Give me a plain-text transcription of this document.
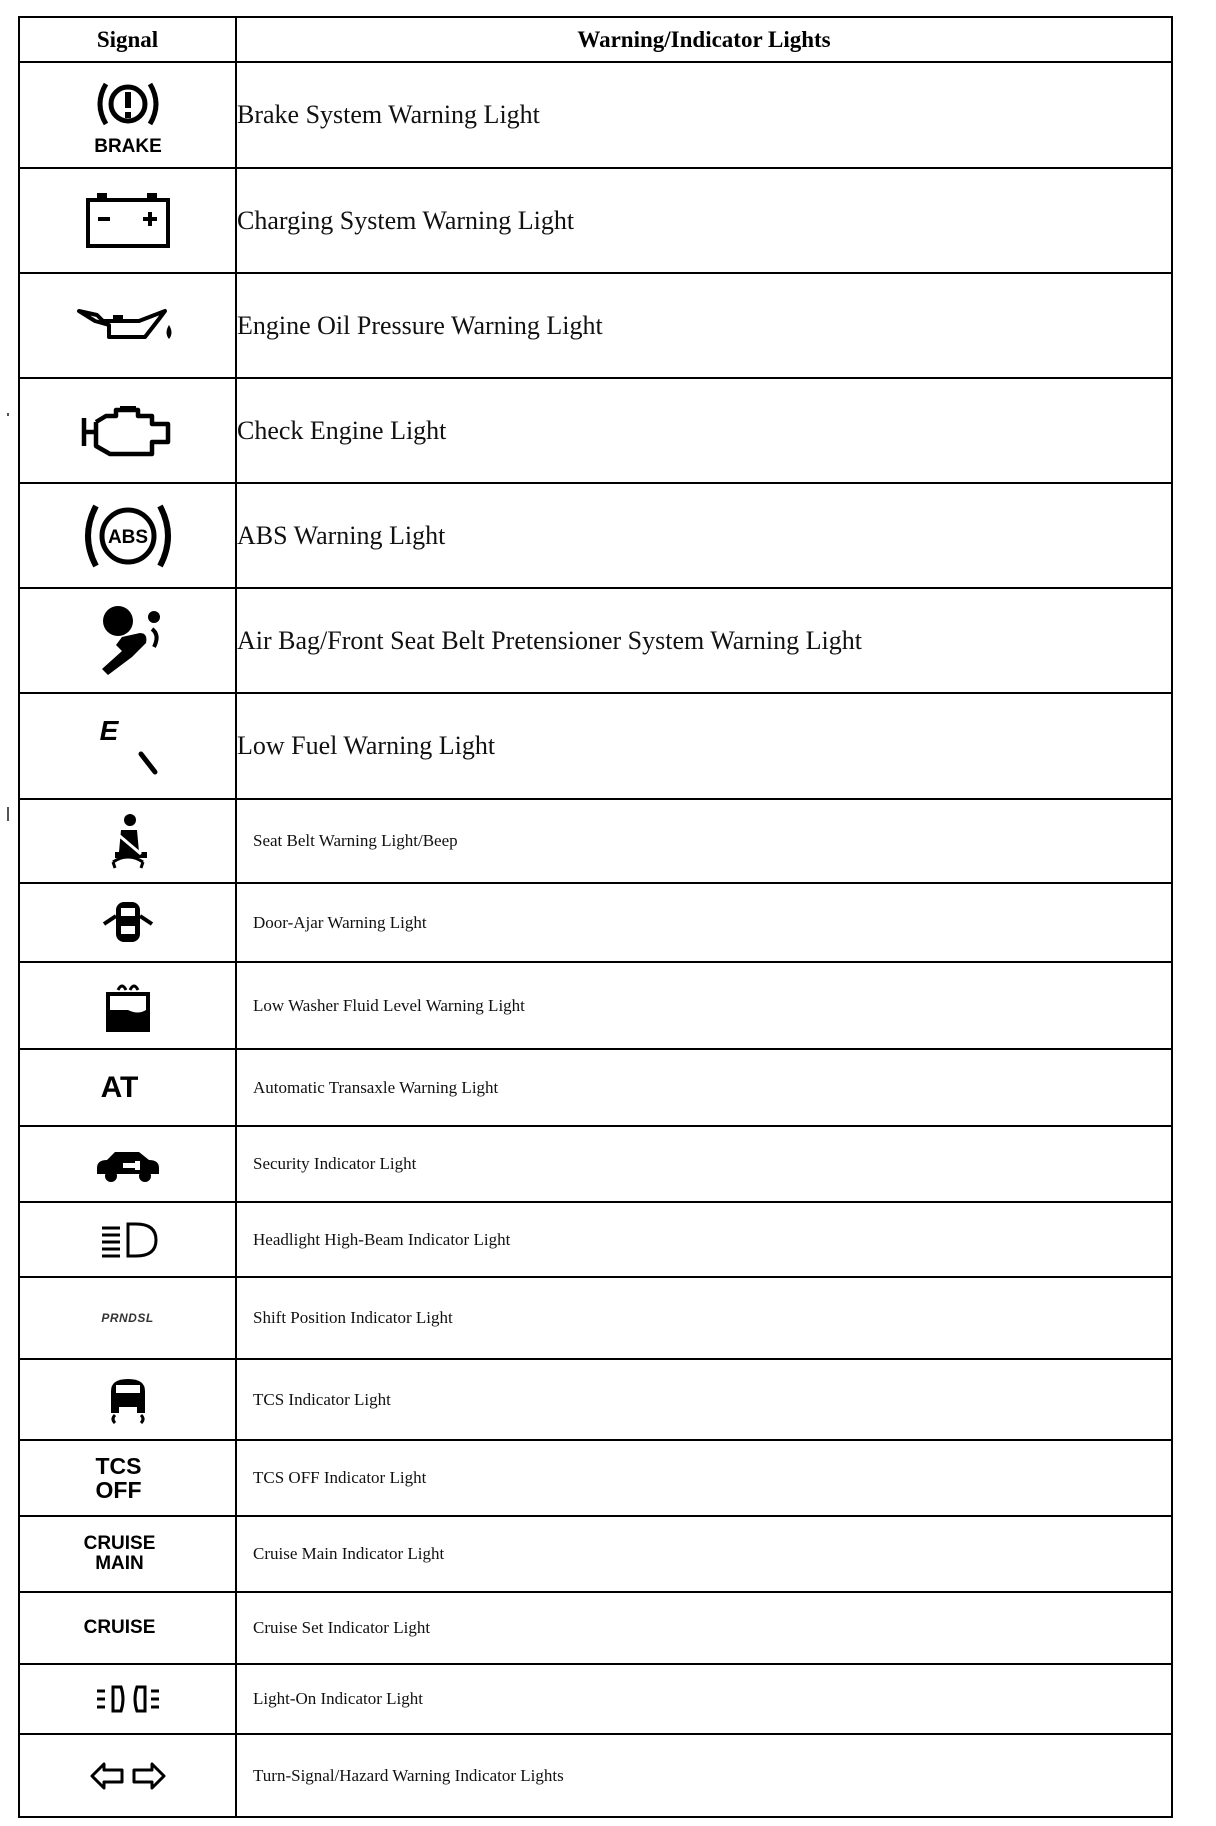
Signal	Warning/Indicator Lights

BRAKE	Brake System Warning Light

	Charging System Warning Light

	Engine Oil Pressure Warning Light

	Check Engine Light

ABS	ABS Warning Light

	Air Bag/Front Seat Belt Pretensioner System Warning Light

E	Low Fuel Warning Light

	Seat Belt Warning Light/Beep

	Door-Ajar Warning Light

	Low Washer Fluid Level Warning Light
AT	Automatic Transaxle Warning Light

	Security Indicator Light

	Headlight High-Beam Indicator Light
PRNDSL	Shift Position Indicator Light

	TCS Indicator Light

TCS
OFF	TCS OFF Indicator Light

CRUISE
MAIN	Cruise Main Indicator Light
CRUISE	Cruise Set Indicator Light

	Light-On Indicator Light

	Turn-Signal/Hazard Warning Indicator Lights
